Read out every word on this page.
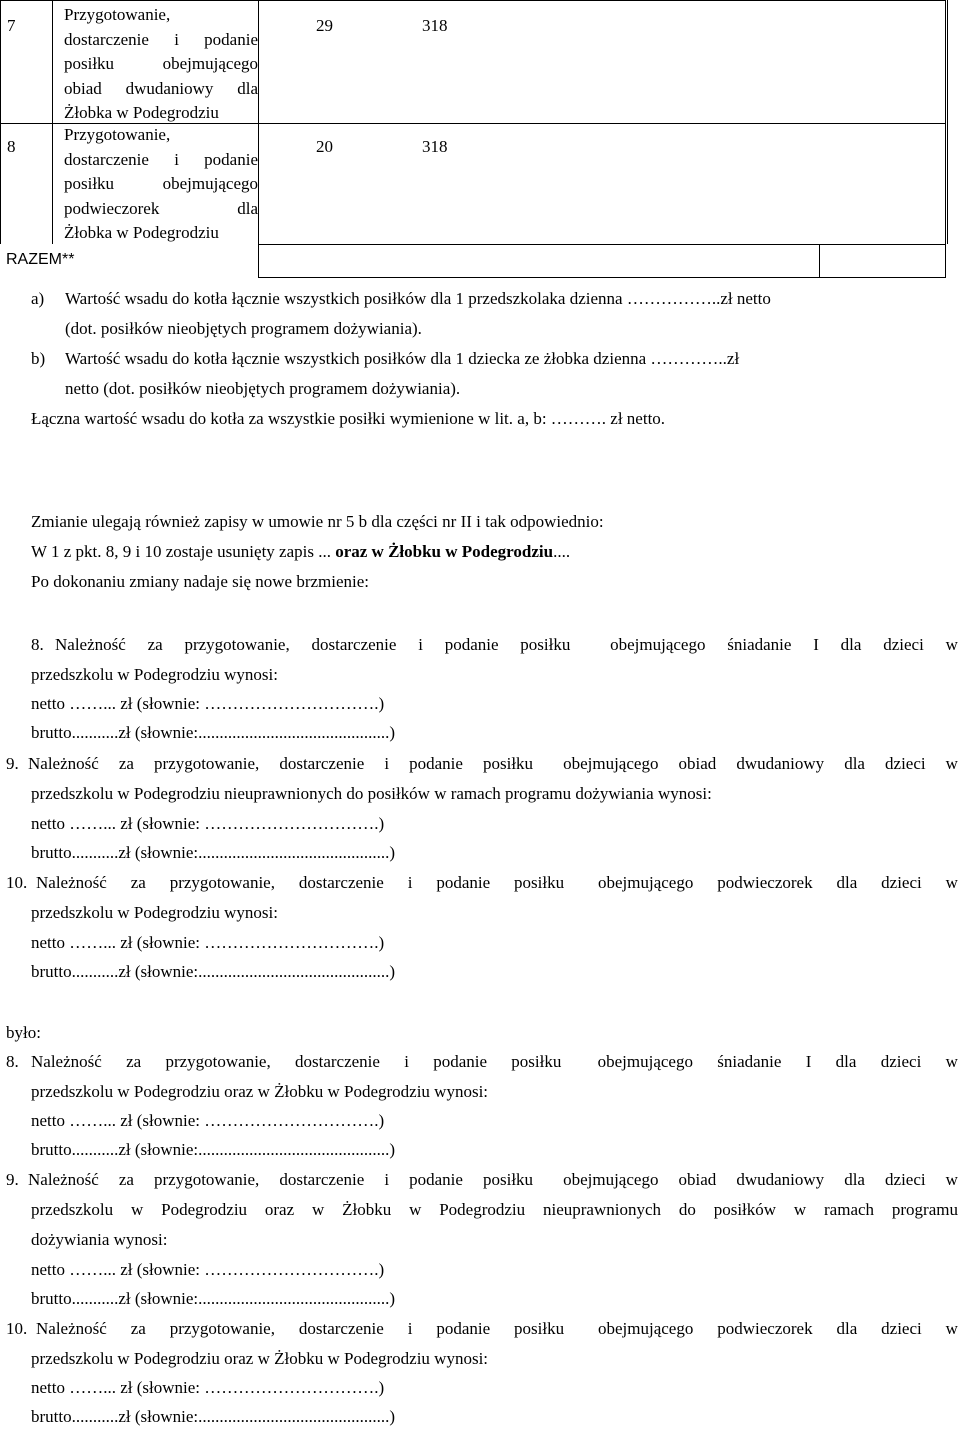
7
Przygotowanie,
dostarczenie i podanie
posiłku obejmującego
obiad dwudaniowy dla
Żłobka w Podegrodziu
29	318
8
Przygotowanie,
dostarczenie i podanie
posiłku obejmującego
podwieczorek dla
Żłobka w Podegrodziu
20	318
RAZEM**
a) Wartość wsadu do kotła łącznie wszystkich posiłków dla 1 przedszkolaka dzienna ……………..zł netto
(dot. posiłków nieobjętych programem dożywiania).
b) Wartość wsadu do kotła łącznie wszystkich posiłków dla 1 dziecka ze żłobka dzienna …………..zł
netto (dot. posiłków nieobjętych programem dożywiania).
Łączna wartość wsadu do kotła za wszystkie posiłki wymienione w lit. a, b: ………. zł netto.
Zmianie ulegają również zapisy w umowie nr 5 b dla części nr II i tak odpowiednio:
W 1 z pkt. 8, 9 i 10 zostaje usunięty zapis ... oraz w Żłobku w Podegrodziu....
Po dokonaniu zmiany nadaje się nowe brzmienie:
8. Należność za przygotowanie, dostarczenie i podanie posiłku obejmującego śniadanie I dla dzieci w
przedszkolu w Podegrodziu wynosi:
netto ……... zł (słownie: ………………………….)
brutto...........zł (słownie:.............................................)
9. Należność za przygotowanie, dostarczenie i podanie posiłku obejmującego obiad dwudaniowy dla dzieci w
przedszkolu w Podegrodziu nieuprawnionych do posiłków w ramach programu dożywiania wynosi:
netto ……... zł (słownie: ………………………….)
brutto...........zł (słownie:.............................................)
10. Należność za przygotowanie, dostarczenie i podanie posiłku obejmującego podwieczorek dla dzieci w
przedszkolu w Podegrodziu wynosi:
netto ……... zł (słownie: ………………………….)
brutto...........zł (słownie:.............................................)
było:
8. Należność za przygotowanie, dostarczenie i podanie posiłku obejmującego śniadanie I dla dzieci w
przedszkolu w Podegrodziu oraz w Żłobku w Podegrodziu wynosi:
netto ……... zł (słownie: ………………………….)
brutto...........zł (słownie:.............................................)
9. Należność za przygotowanie, dostarczenie i podanie posiłku obejmującego obiad dwudaniowy dla dzieci w
przedszkolu w Podegrodziu oraz w Żłobku w Podegrodziu nieuprawnionych do posiłków w ramach programu
dożywiania wynosi:
netto ……... zł (słownie: ………………………….)
brutto...........zł (słownie:.............................................)
10. Należność za przygotowanie, dostarczenie i podanie posiłku obejmującego podwieczorek dla dzieci w
przedszkolu w Podegrodziu oraz w Żłobku w Podegrodziu wynosi:
netto ……... zł (słownie: ………………………….)
brutto...........zł (słownie:.............................................)
